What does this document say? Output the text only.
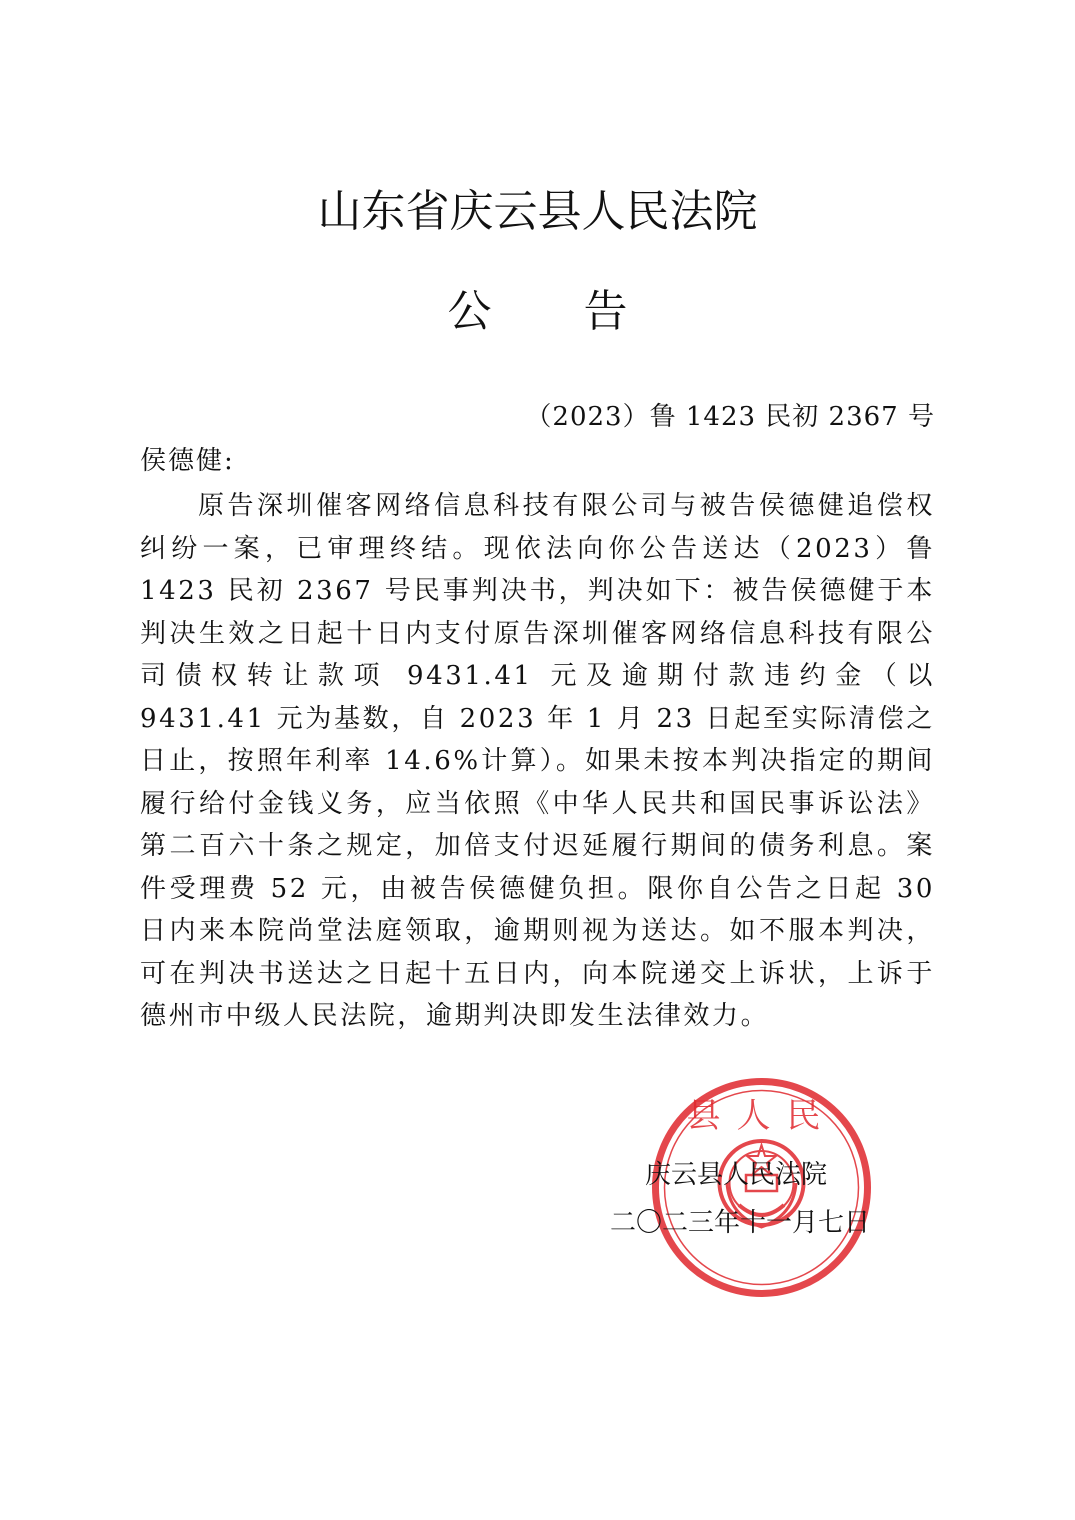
山东省庆云县人民法院
公告
（2023）鲁 1423 民初 2367 号
侯德健:

原告深圳催客网络信息科技有限公司与被告侯德健追偿权纠纷一案，已审理终结。现依法向你公告送达（2023）鲁 1423 民初 2367 号民事判决书，判决如下：被告侯德健于本判决生效之日起十日内支付原告深圳催客网络信息科技有限公司债权转让款项 9431.41 元及逾期付款违约金（以 9431.41 元为基数，自 2023 年 1 月 23 日起至实际清偿之日止，按照年利率 14.6%计算）。如果未按本判决指定的期间履行给付金钱义务，应当依照《中华人民共和国民事诉讼法》第二百六十条之规定，加倍支付迟延履行期间的债务利息。案件受理费 52 元，由被告侯德健负担。限你自公告之日起 30 日内来本院尚堂法庭领取，逾期则视为送达。如不服本判决，可在判决书送达之日起十五日内，向本院递交上诉状，上诉于德州市中级人民法院，逾期判决即发生法律效力。

县人民
庆云县人民法院
二〇二三年十一月七日
